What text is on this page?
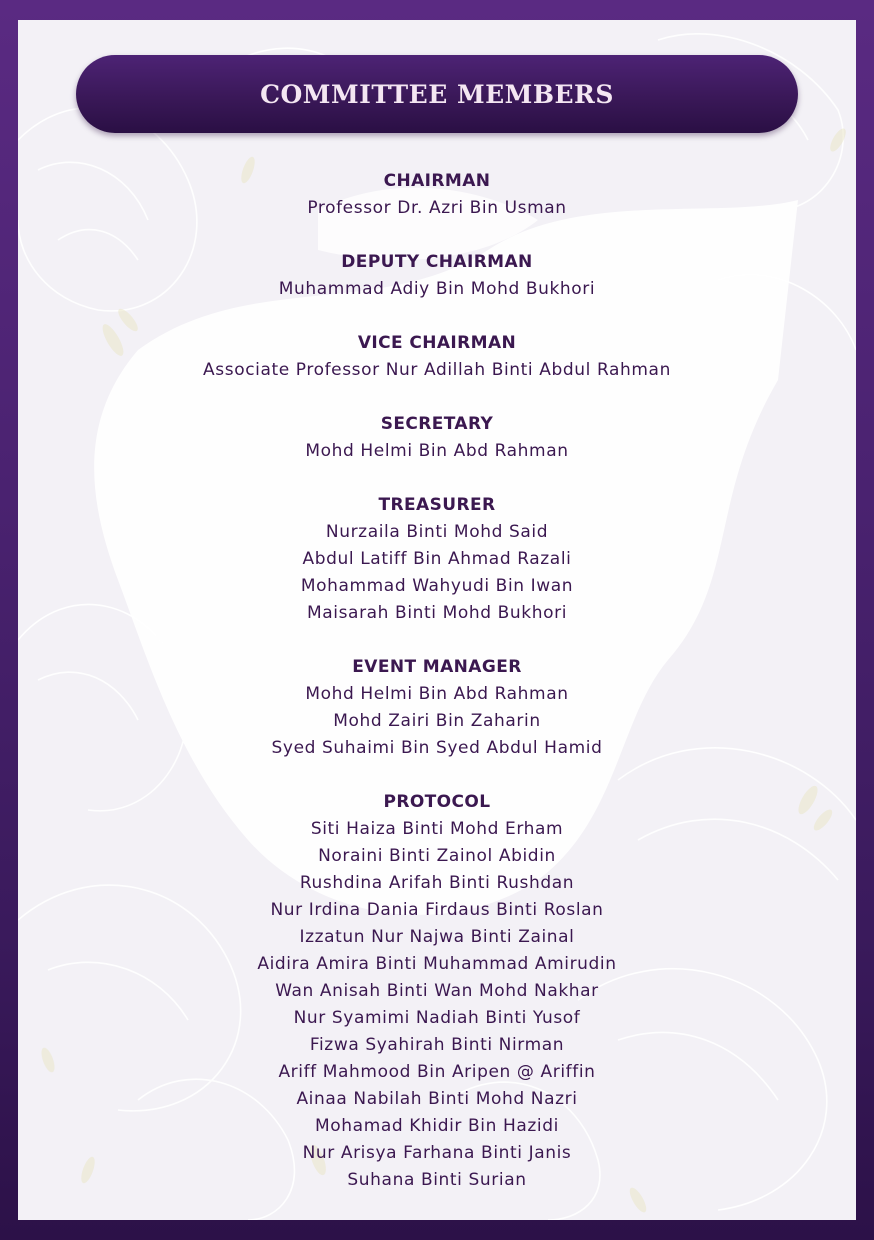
COMMITTEE MEMBERS
CHAIRMAN
Professor Dr. Azri Bin Usman
DEPUTY CHAIRMAN
Muhammad Adiy Bin Mohd Bukhori
VICE CHAIRMAN
Associate Professor Nur Adillah Binti Abdul Rahman
SECRETARY
Mohd Helmi Bin Abd Rahman
TREASURER
Nurzaila Binti Mohd Said
Abdul Latiff Bin Ahmad Razali
Mohammad Wahyudi Bin Iwan
Maisarah Binti Mohd Bukhori
EVENT MANAGER
Mohd Helmi Bin Abd Rahman
Mohd Zairi Bin Zaharin
Syed Suhaimi Bin Syed Abdul Hamid
PROTOCOL
Siti Haiza Binti Mohd Erham
Noraini Binti Zainol Abidin
Rushdina Arifah Binti Rushdan
Nur Irdina Dania Firdaus Binti Roslan
Izzatun Nur Najwa Binti Zainal
Aidira Amira Binti Muhammad Amirudin
Wan Anisah Binti Wan Mohd Nakhar
Nur Syamimi Nadiah Binti Yusof
Fizwa Syahirah Binti Nirman
Ariff Mahmood Bin Aripen @ Ariffin
Ainaa Nabilah Binti Mohd Nazri
Mohamad Khidir Bin Hazidi
Nur Arisya Farhana Binti Janis
Suhana Binti Surian
